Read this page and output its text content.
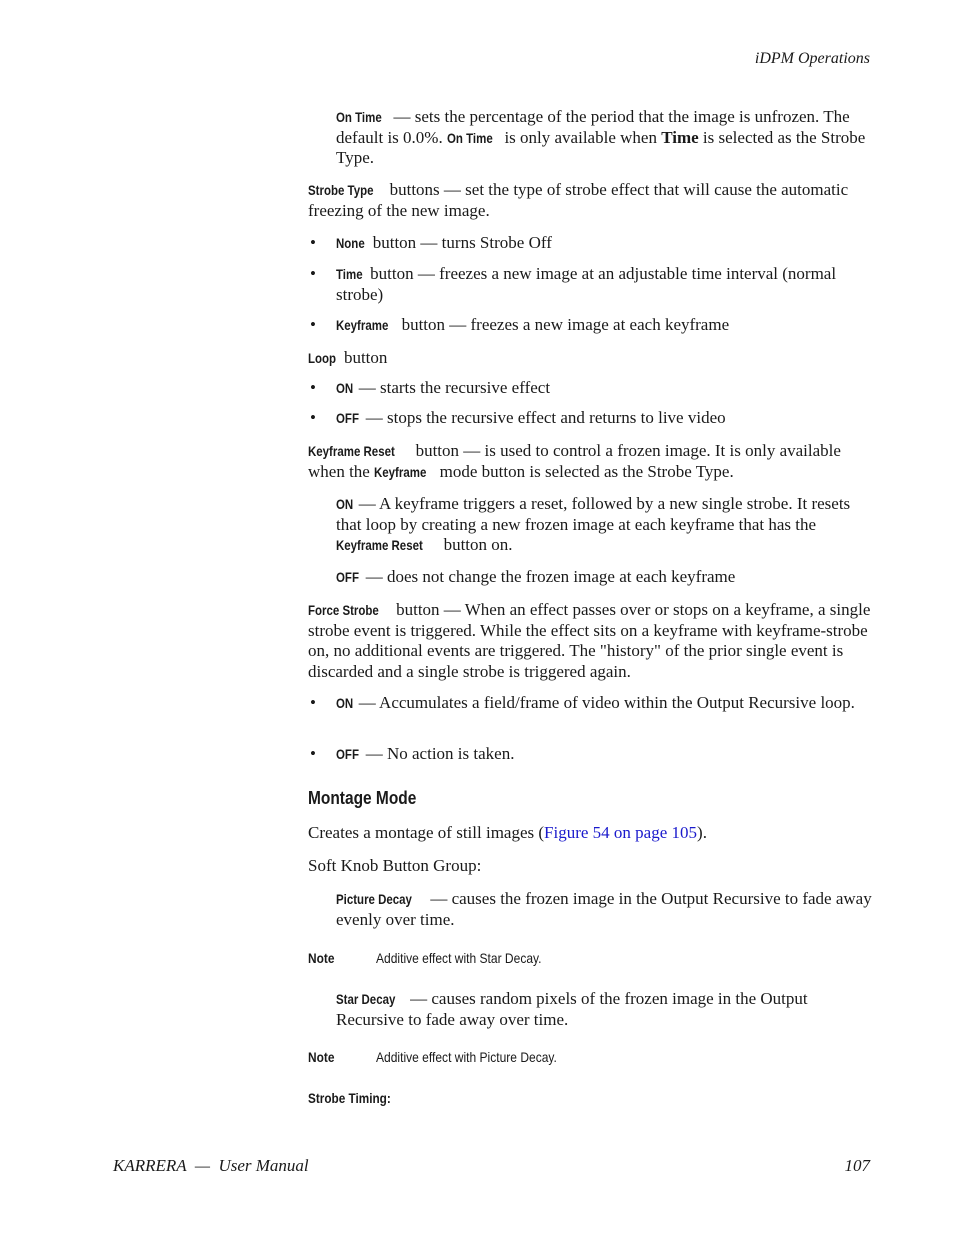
iDPM Operations

On Time — sets the percentage of the period that the image is unfrozen. The default is 0.0%. On Time is only available when Time is selected as the Strobe Type.

Strobe Type buttons — set the type of strobe effect that will cause the automatic freezing of the new image.

• None button — turns Strobe Off
• Time button — freezes a new image at an adjustable time interval (normal strobe)
• Keyframe button — freezes a new image at each keyframe

Loop button

• ON — starts the recursive effect
• OFF — stops the recursive effect and returns to live video

Keyframe Reset button — is used to control a frozen image. It is only available when the Keyframe mode button is selected as the Strobe Type.

ON — A keyframe triggers a reset, followed by a new single strobe. It resets that loop by creating a new frozen image at each keyframe that has the Keyframe Reset button on.

OFF — does not change the frozen image at each keyframe

Force Strobe button — When an effect passes over or stops on a keyframe, a single strobe event is triggered. While the effect sits on a keyframe with keyframe-strobe on, no additional events are triggered. The "history" of the prior single event is discarded and a single strobe is triggered again.

• ON — Accumulates a field/frame of video within the Output Recursive loop.
• OFF — No action is taken.
Montage Mode

Creates a montage of still images (Figure 54 on page 105).

Soft Knob Button Group:

Picture Decay — causes the frozen image in the Output Recursive to fade away evenly over time.

Note	Additive effect with Star Decay.

Star Decay — causes random pixels of the frozen image in the Output Recursive to fade away over time.

Note	Additive effect with Picture Decay.
Strobe Timing:
KARRERA  —  User Manual	107
